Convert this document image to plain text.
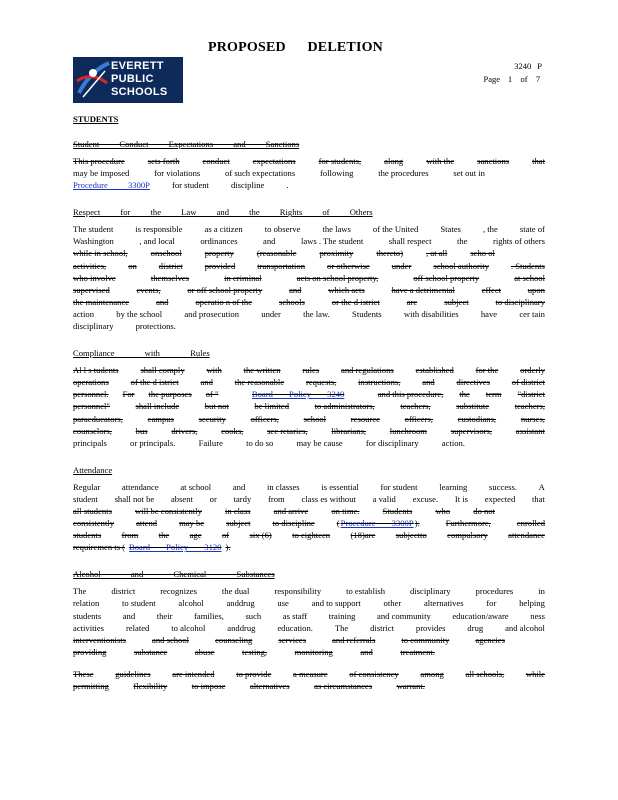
PROPOSED DELETION
EVERETT
PUBLIC
SCHOOLS
3240 P
Page 1 of 7
STUDENTS
Student Conduct Expectations and Sanctions
This procedure	sets forth	conduct	expectations	for students,	along	with the	sanctions	that
may be imposed	for violations	of such expectations	following	the procedures	set out in
Procedure 3300P	for student	discipline	.
Respect for the Law and the Rights of Others
The student	is responsible	as a citizen	to observe	the laws	of the United	States	, the	state of
Washington	, and local	ordinances	and	laws . The student	shall respect	the	rights of others
while in school,	onschool	property	(reasonable	proximity	thereto)	, at all	scho ol
activities,	on	district	provided	transportation	or otherwise	under	school authority	. Students
who involve	themselves	in criminal	acts on school property,	off school property	at school
supervised	events,	or off school property	and	which acts	have a detrimental	effect	upon
the maintenance	and	operatio n of the	schools	or the d istrict	are	subject	to disciplinary
action	by the school	and prosecution	under	the law.	Students	with disabilities	have	cer tain
disciplinary	protections.
Compliance with Rules
Al l s tudents	shall comply	with	the written	rules	and regulations	established	for the	orderly
operations	of the d istrict	and	the reasonable	requests,	instructions,	and	directives	of district
personnel. For the purposes of "	Board Policy 3240	and this procedure, the term "district
personnel"	shall include	but not	be limited	to administrators,	teachers,	substitute	teachers,
paraeducators,	campus	security	officers,	school	resource	officers,	custodians,	nurses,
counselors,	bus	drivers,	cooks,	sec retaries,	librarians,	lunchroom	supervisors,	assistant
principals	or principals.	Failure	to do so	may be cause	for disciplinary	action.
Attendance
Regular	attendance	at school	and	in classes	is essential	for student	learning	success.	A
student shall not be absent or tardy from class es without a valid excuse. It is expected that
all students	will be consistently	in class	and arrive	on time.	Students	who	do not
consistently	attend	may be	subject	to discipline	( Procedure 3300P ).	Furthermore,	enrolled
students from the age of six (6) to eighteen (18)are subjectto compulsory attendance
requiremen ts ( Board Policy 3120 ).
Alcohol and Chemical Substances
The	district	recognizes	the dual	responsibility	to establish	disciplinary	procedures	in
relation	to student	alcohol	anddrug	use	and to support	other	alternatives	for	helping
students	and	their	families,	such	as staff	training	and community	education/aware	ness
activities	related	to alcohol	anddrug	education.	The	district	provides	drug	and alcohol
interventionists	and school	counseling	services	and referrals	to community	agencies
providing	substance	abuse	testing,	monitoring	and	treatment.
These	guidelines	are intended	to provide	a measure	of consistency	among	all schools,	while
permitting	flexibility	to impose	alternatives	as circumstances	warrant.
